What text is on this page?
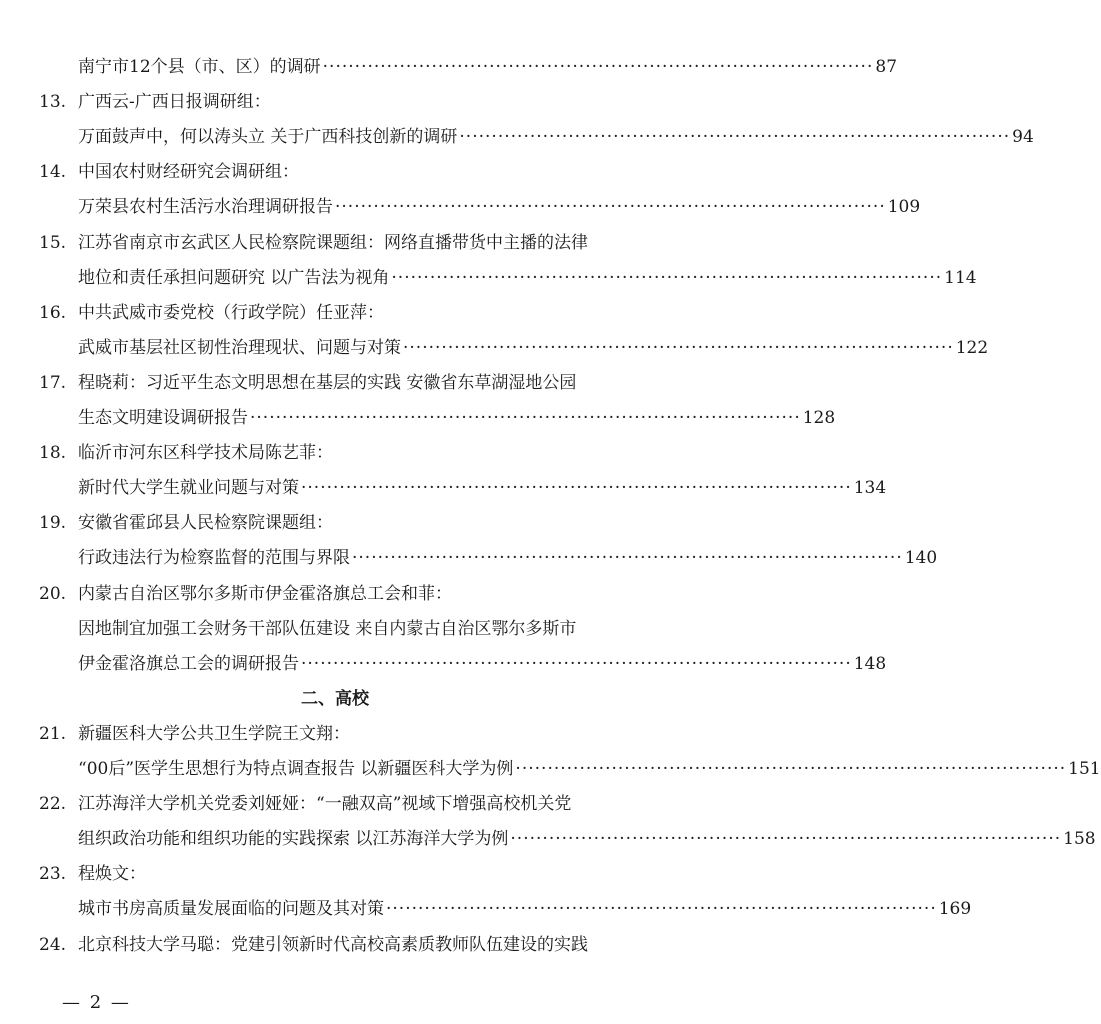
南宁市12个县（市、区）的调研 ······················································································ 87
13. 广西云-广西日报调研组：
万面鼓声中，何以涛头立 关于广西科技创新的调研 ······················································································ 94
14. 中国农村财经研究会调研组：
万荣县农村生活污水治理调研报告 ······················································································ 109
15. 江苏省南京市玄武区人民检察院课题组：网络直播带货中主播的法律
地位和责任承担问题研究 以广告法为视角 ······················································································ 114
16. 中共武威市委党校（行政学院）任亚萍：
武威市基层社区韧性治理现状、问题与对策 ······················································································ 122
17. 程晓莉：习近平生态文明思想在基层的实践 安徽省东草湖湿地公园
生态文明建设调研报告 ······················································································ 128
18. 临沂市河东区科学技术局陈艺菲：
新时代大学生就业问题与对策 ······················································································ 134
19. 安徽省霍邱县人民检察院课题组：
行政违法行为检察监督的范围与界限 ······················································································ 140
20. 内蒙古自治区鄂尔多斯市伊金霍洛旗总工会和菲：
因地制宜加强工会财务干部队伍建设 来自内蒙古自治区鄂尔多斯市
伊金霍洛旗总工会的调研报告 ······················································································ 148
二、高校
21. 新疆医科大学公共卫生学院王文翔：
“00后”医学生思想行为特点调查报告 以新疆医科大学为例 ······················································································ 151
22. 江苏海洋大学机关党委刘娅娅：“一融双高”视域下增强高校机关党
组织政治功能和组织功能的实践探索 以江苏海洋大学为例 ······················································································ 158
23. 程焕文：
城市书房高质量发展面临的问题及其对策 ······················································································ 169
24. 北京科技大学马聪：党建引领新时代高校高素质教师队伍建设的实践
— 2 —
